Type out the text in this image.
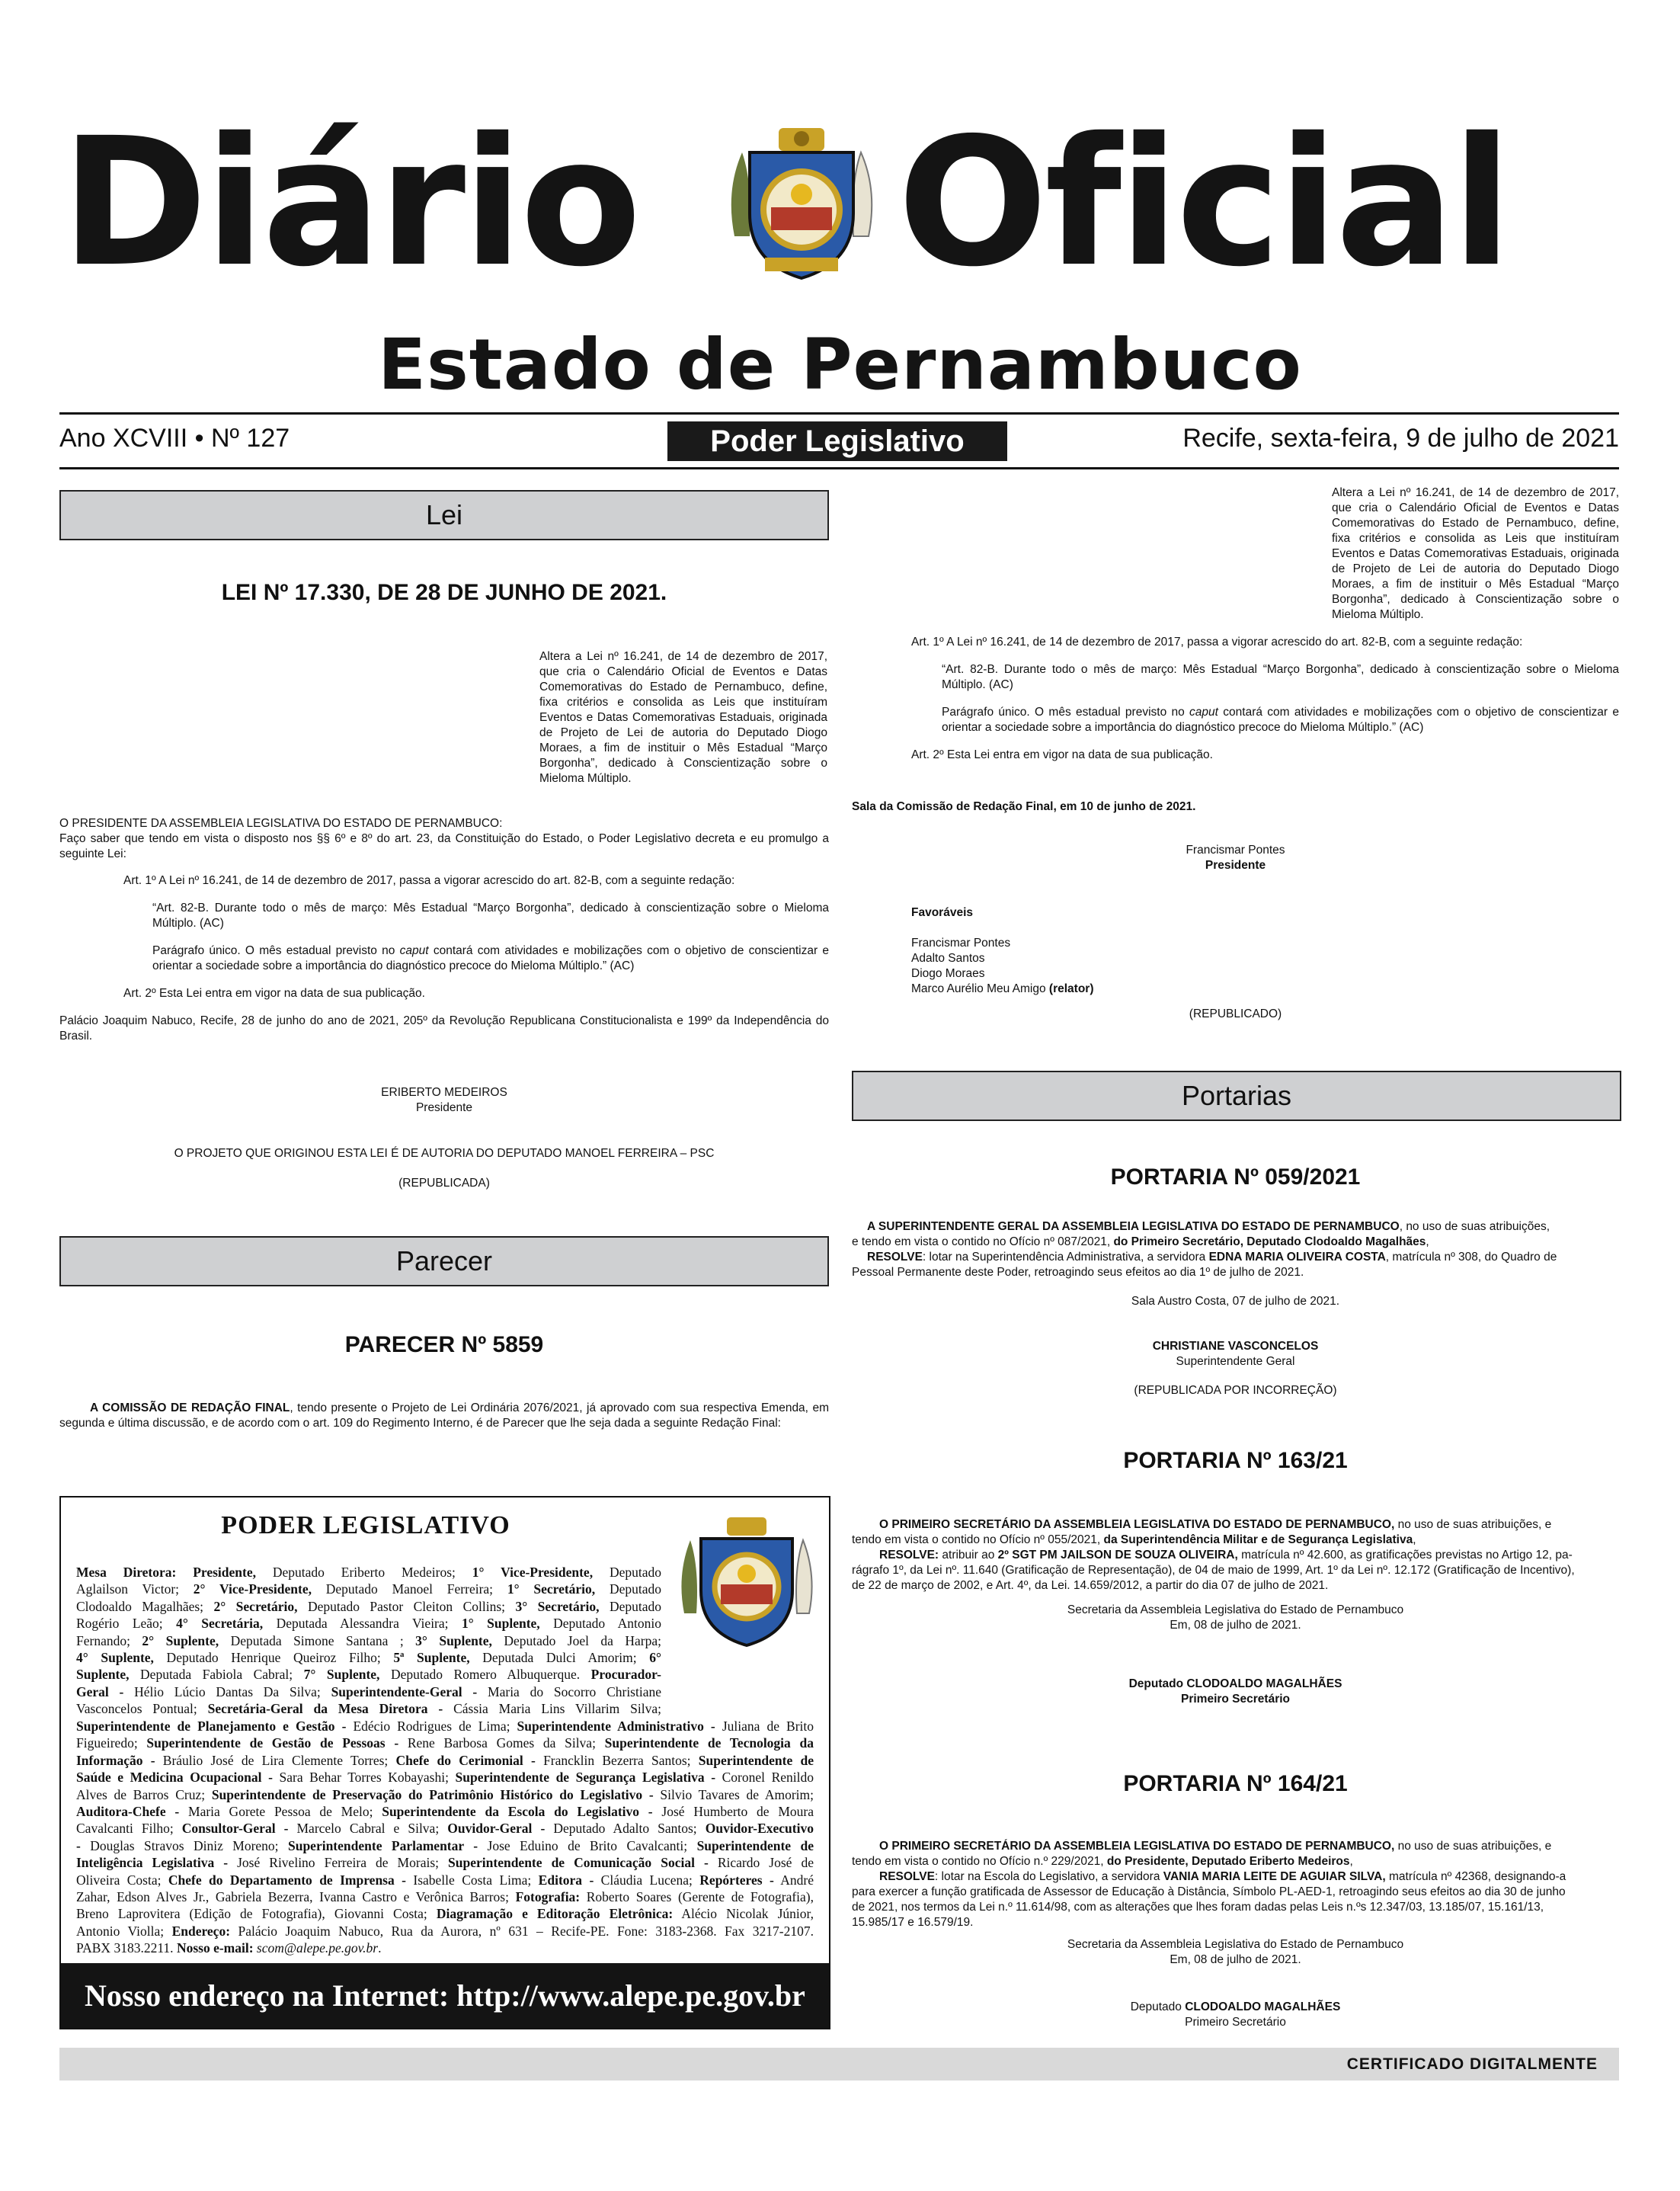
Diário Oficial
Estado de Pernambuco
Ano XCVIII • Nº 127	Poder Legislativo	Recife, sexta-feira, 9 de julho de 2021
Lei
LEI Nº 17.330, DE 28 DE JUNHO DE 2021.
Altera a Lei nº 16.241, de 14 de dezembro de 2017, que cria o Calendário Oficial de Eventos e Datas Comemorativas do Estado de Pernambuco, define, fixa critérios e consolida as Leis que instituíram Eventos e Datas Comemorativas Estaduais, originada de Projeto de Lei de autoria do Deputado Diogo Moraes, a fim de instituir o Mês Estadual “Março Borgonha”, dedicado à Conscientização sobre o Mieloma Múltiplo.

O PRESIDENTE DA ASSEMBLEIA LEGISLATIVA DO ESTADO DE PERNAMBUCO:

Faço saber que tendo em vista o disposto nos §§ 6º e 8º do art. 23, da Constituição do Estado, o Poder Legislativo decreta e eu promulgo a seguinte Lei:

Art. 1º A Lei nº 16.241, de 14 de dezembro de 2017, passa a vigorar acrescido do art. 82-B, com a seguinte redação:

“Art. 82-B. Durante todo o mês de março: Mês Estadual “Março Borgonha”, dedicado à conscientização sobre o Mieloma Múltiplo. (AC)

Parágrafo único. O mês estadual previsto no caput contará com atividades e mobilizações com o objetivo de conscientizar e orientar a sociedade sobre a importância do diagnóstico precoce do Mieloma Múltiplo.” (AC)

Art. 2º Esta Lei entra em vigor na data de sua publicação.

Palácio Joaquim Nabuco, Recife, 28 de junho do ano de 2021, 205º da Revolução Republicana Constitucionalista e 199º da Independência do Brasil.

ERIBERTO MEDEIROS

Presidente

O PROJETO QUE ORIGINOU ESTA LEI É DE AUTORIA DO DEPUTADO MANOEL FERREIRA – PSC
(REPUBLICADA)
Parecer
PARECER Nº 5859
A COMISSÃO DE REDAÇÃO FINAL, tendo presente o Projeto de Lei Ordinária 2076/2021, já aprovado com sua respectiva Emenda, em segunda e última discussão, e de acordo com o art. 109 do Regimento Interno, é de Parecer que lhe seja dada a seguinte Redação Final:
PODER LEGISLATIVO
Mesa Diretora: Presidente, Deputado Eriberto Medeiros; 1° Vice-Presidente, Deputado
Aglailson Victor; 2° Vice-Presidente, Deputado Manoel Ferreira; 1° Secretário, Deputado
Clodoaldo Magalhães; 2° Secretário, Deputado Pastor Cleiton Collins; 3° Secretário, Deputado
Rogério Leão; 4° Secretária, Deputada Alessandra Vieira; 1° Suplente, Deputado Antonio
Fernando; 2° Suplente, Deputada Simone Santana ; 3° Suplente, Deputado Joel da Harpa;
4° Suplente, Deputado Henrique Queiroz Filho; 5ª Suplente, Deputada Dulci Amorim; 6°
Suplente, Deputada Fabiola Cabral; 7° Suplente, Deputado Romero Albuquerque. Procurador-
Geral - Hélio Lúcio Dantas Da Silva; Superintendente-Geral - Maria do Socorro Christiane
Vasconcelos Pontual; Secretária-Geral da Mesa Diretora - Cássia Maria Lins Villarim Silva;
Superintendente de Planejamento e Gestão - Edécio Rodrigues de Lima; Superintendente Administrativo - Juliana de Brito
Figueiredo; Superintendente de Gestão de Pessoas - Rene Barbosa Gomes da Silva; Superintendente de Tecnologia da
Informação - Bráulio José de Lira Clemente Torres; Chefe do Cerimonial - Francklin Bezerra Santos; Superintendente de
Saúde e Medicina Ocupacional - Sara Behar Torres Kobayashi; Superintendente de Segurança Legislativa - Coronel Renildo
Alves de Barros Cruz; Superintendente de Preservação do Patrimônio Histórico do Legislativo - Silvio Tavares de Amorim;
Auditora-Chefe - Maria Gorete Pessoa de Melo; Superintendente da Escola do Legislativo - José Humberto de Moura
Cavalcanti Filho; Consultor-Geral - Marcelo Cabral e Silva; Ouvidor-Geral - Deputado Adalto Santos; Ouvidor-Executivo
- Douglas Stravos Diniz Moreno; Superintendente Parlamentar - Jose Eduino de Brito Cavalcanti; Superintendente de
Inteligência Legislativa - José Rivelino Ferreira de Morais; Superintendente de Comunicação Social - Ricardo José de
Oliveira Costa; Chefe do Departamento de Imprensa - Isabelle Costa Lima; Editora - Cláudia Lucena; Repórteres - André
Zahar, Edson Alves Jr., Gabriela Bezerra, Ivanna Castro e Verônica Barros; Fotografia: Roberto Soares (Gerente de Fotografia),
Breno Laprovitera (Edição de Fotografia), Giovanni Costa; Diagramação e Editoração Eletrônica: Alécio Nicolak Júnior,
Antonio Violla; Endereço: Palácio Joaquim Nabuco, Rua da Aurora, nº 631 – Recife-PE. Fone: 3183-2368. Fax 3217-2107.
PABX 3183.2211. Nosso e-mail: scom@alepe.pe.gov.br.
Nosso endereço na Internet: http://www.alepe.pe.gov.br
Altera a Lei nº 16.241, de 14 de dezembro de 2017, que cria o Calendário Oficial de Eventos e Datas Comemorativas do Estado de Pernambuco, define, fixa critérios e consolida as Leis que instituíram Eventos e Datas Comemorativas Estaduais, originada de Projeto de Lei de autoria do Deputado Diogo Moraes, a fim de instituir o Mês Estadual “Março Borgonha”, dedicado à Conscientização sobre o Mieloma Múltiplo.

Art. 1º A Lei nº 16.241, de 14 de dezembro de 2017, passa a vigorar acrescido do art. 82-B, com a seguinte redação:

“Art. 82-B. Durante todo o mês de março: Mês Estadual “Março Borgonha”, dedicado à conscientização sobre o Mieloma Múltiplo. (AC)

Parágrafo único. O mês estadual previsto no caput contará com atividades e mobilizações com o objetivo de conscientizar e orientar a sociedade sobre a importância do diagnóstico precoce do Mieloma Múltiplo.” (AC)

Art. 2º Esta Lei entra em vigor na data de sua publicação.

Sala da Comissão de Redação Final, em 10 de junho de 2021.

Francismar Pontes

Presidente

Favoráveis

Francismar Pontes

Adalto Santos

Diogo Moraes

Marco Aurélio Meu Amigo (relator)

(REPUBLICADO)
Portarias
PORTARIA Nº 059/2021

A SUPERINTENDENTE GERAL DA ASSEMBLEIA LEGISLATIVA DO ESTADO DE PERNAMBUCO, no uso de suas atribuições,

e tendo em vista o contido no Ofício nº 087/2021, do Primeiro Secretário, Deputado Clodoaldo Magalhães,

RESOLVE: lotar na Superintendência Administrativa, a servidora EDNA MARIA OLIVEIRA COSTA, matrícula nº 308, do Quadro de

Pessoal Permanente deste Poder, retroagindo seus efeitos ao dia 1º de julho de 2021.

Sala Austro Costa, 07 de julho de 2021.

CHRISTIANE VASCONCELOS

Superintendente Geral

(REPUBLICADA POR INCORREÇÃO)
PORTARIA Nº 163/21

O PRIMEIRO SECRETÁRIO DA ASSEMBLEIA LEGISLATIVA DO ESTADO DE PERNAMBUCO, no uso de suas atribuições, e

tendo em vista o contido no Ofício nº 055/2021, da Superintendência Militar e de Segurança Legislativa,

RESOLVE: atribuir ao 2º SGT PM JAILSON DE SOUZA OLIVEIRA, matrícula nº 42.600, as gratificações previstas no Artigo 12, pa-

rágrafo 1º, da Lei nº. 11.640 (Gratificação de Representação), de 04 de maio de 1999, Art. 1º da Lei nº. 12.172 (Gratificação de Incentivo),

de 22 de março de 2002, e Art. 4º, da Lei. 14.659/2012, a partir do dia 07 de julho de 2021.

Secretaria da Assembleia Legislativa do Estado de Pernambuco

Em, 08 de julho de 2021.

Deputado CLODOALDO MAGALHÃES

Primeiro Secretário

PORTARIA Nº 164/21

O PRIMEIRO SECRETÁRIO DA ASSEMBLEIA LEGISLATIVA DO ESTADO DE PERNAMBUCO, no uso de suas atribuições, e

tendo em vista o contido no Ofício n.º 229/2021, do Presidente, Deputado Eriberto Medeiros,

RESOLVE: lotar na Escola do Legislativo, a servidora VANIA MARIA LEITE DE AGUIAR SILVA, matrícula nº 42368, designando-a

para exercer a função gratificada de Assessor de Educação à Distância, Símbolo PL-AED-1, retroagindo seus efeitos ao dia 30 de junho

de 2021, nos termos da Lei n.º 11.614/98, com as alterações que lhes foram dadas pelas Leis n.ºs 12.347/03, 13.185/07, 15.161/13,

15.985/17 e 16.579/19.

Secretaria da Assembleia Legislativa do Estado de Pernambuco

Em, 08 de julho de 2021.

Deputado CLODOALDO MAGALHÃES

Primeiro Secretário

CERTIFICADO DIGITALMENTE
